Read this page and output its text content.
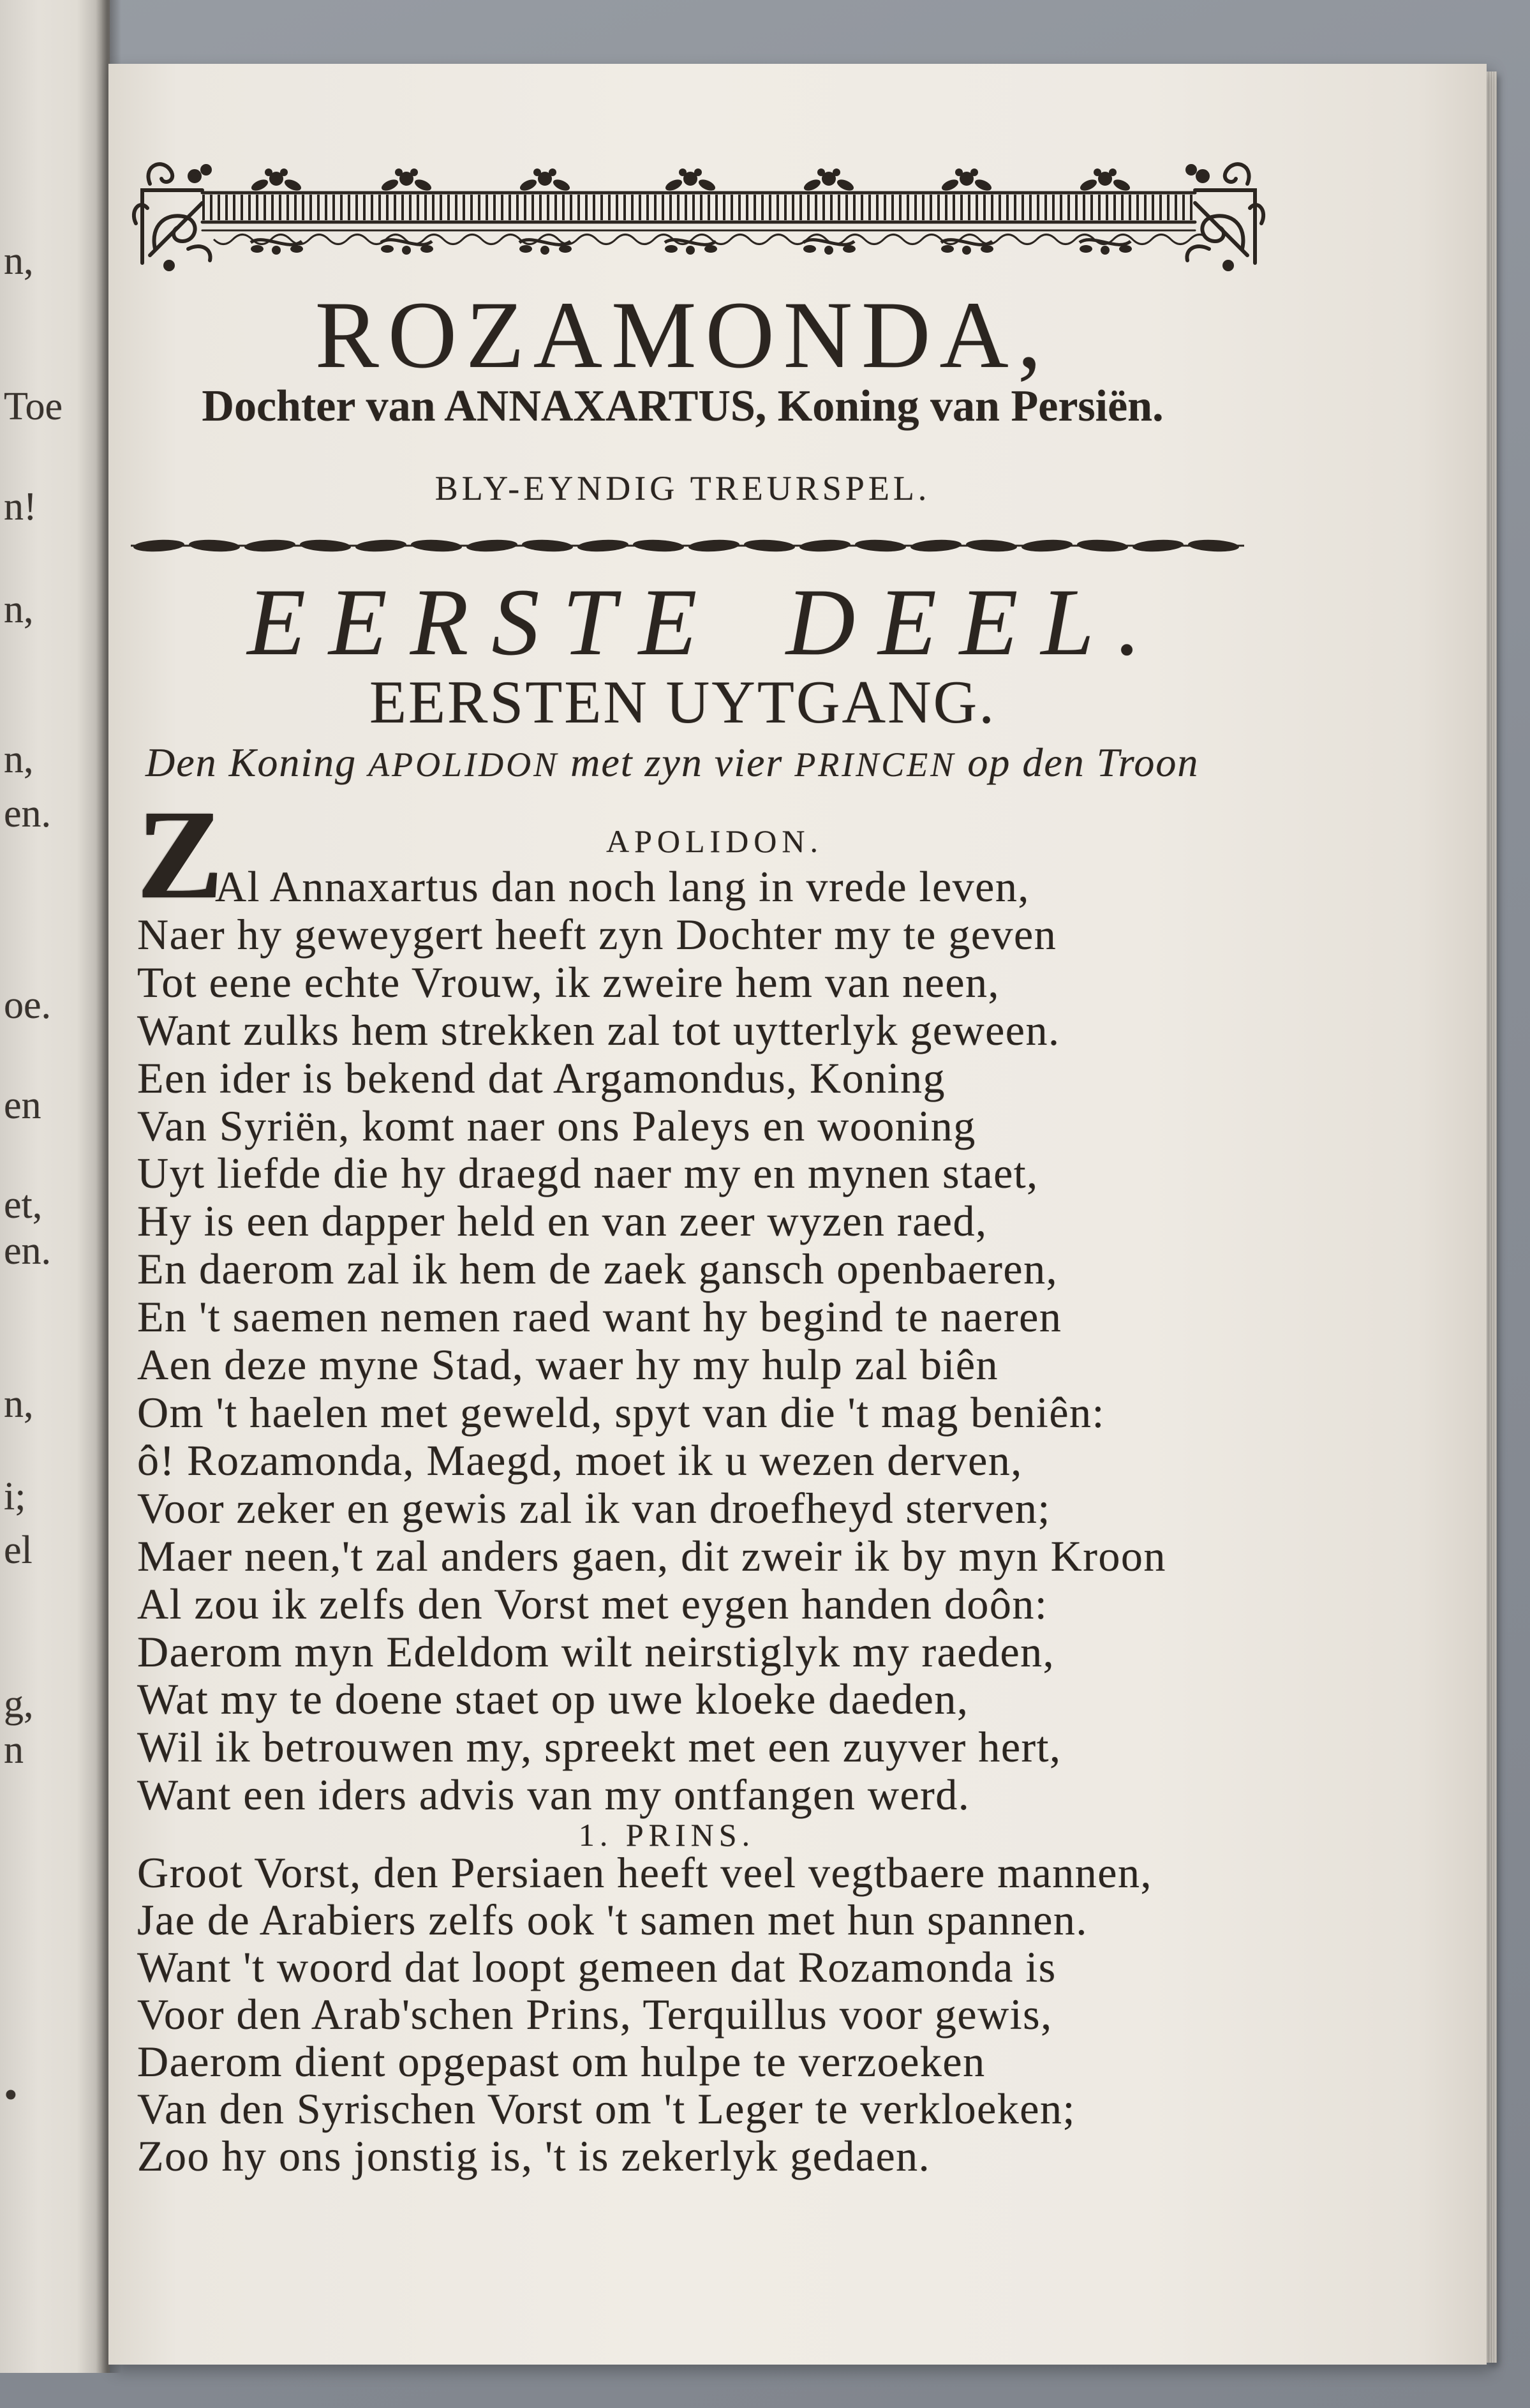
n,
Toe
n!
n,
n,
en.
oe.
en
et,
en.
n,
i;
el
g,
n
•
ROZAMONDA,
Dochter van ANNAXARTUS, Koning van Persiën.
BLY-EYNDIG TREURSPEL.
EERSTE DEEL.
EERSTEN UYTGANG.
Den Koning APOLIDON met zyn vier PRINCEN op den Troon
APOLIDON.
Z
Al Annaxartus dan noch lang in vrede leven,
Naer hy geweygert heeft zyn Dochter my te geven
Tot eene echte Vrouw, ik zweire hem van neen,
Want zulks hem strekken zal tot uytterlyk geween.
Een ider is bekend dat Argamondus, Koning
Van Syriën, komt naer ons Paleys en wooning
Uyt liefde die hy draegd naer my en mynen staet,
Hy is een dapper held en van zeer wyzen raed,
En daerom zal ik hem de zaek gansch openbaeren,
En 't saemen nemen raed want hy begind te naeren
Aen deze myne Stad, waer hy my hulp zal biên
Om 't haelen met geweld, spyt van die 't mag beniên:
ô! Rozamonda, Maegd, moet ik u wezen derven,
Voor zeker en gewis zal ik van droefheyd sterven;
Maer neen,'t zal anders gaen, dit zweir ik by myn Kroon
Al zou ik zelfs den Vorst met eygen handen doôn:
Daerom myn Edeldom wilt neirstiglyk my raeden,
Wat my te doene staet op uwe kloeke daeden,
Wil ik betrouwen my, spreekt met een zuyver hert,
Want een iders advis van my ontfangen werd.
1. PRINS.
Groot Vorst, den Persiaen heeft veel vegtbaere mannen,
Jae de Arabiers zelfs ook 't samen met hun spannen.
Want 't woord dat loopt gemeen dat Rozamonda is
Voor den Arab'schen Prins, Terquillus voor gewis,
Daerom dient opgepast om hulpe te verzoeken
Van den Syrischen Vorst om 't Leger te verkloeken;
Zoo hy ons jonstig is, 't is zekerlyk gedaen.
